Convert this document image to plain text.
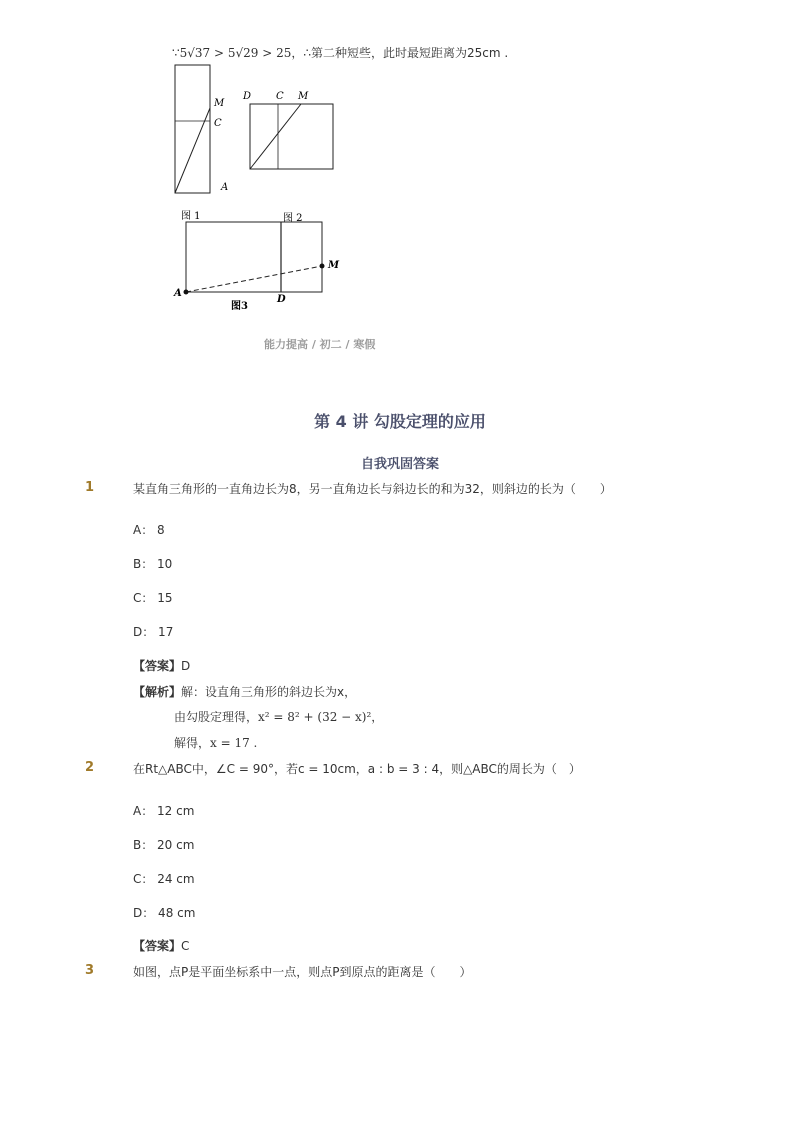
∵5√37 > 5√29 > 25，∴第二种短些，此时最短距离为25cm .
M
C
A
D C M
图 1	图 2
A
M
D
图3
能力提高 / 初二 / 寒假
第 4 讲 勾股定理的应用
自我巩固答案
1	某直角三角形的一直角边长为8，另一直角边长与斜边长的和为32，则斜边的长为（　　）
A： 8
B： 10
C： 15
D： 17
【答案】D
【解析】解：设直角三角形的斜边长为x，
由勾股定理得，x² = 8² + (32 − x)²，
解得，x = 17 .
2	在Rt△ABC中，∠C = 90°，若c = 10cm，a : b = 3 : 4，则△ABC的周长为（　）
A： 12 cm
B： 20 cm
C： 24 cm
D： 48 cm
【答案】C
3	如图，点P是平面坐标系中一点，则点P到原点的距离是（　　）
